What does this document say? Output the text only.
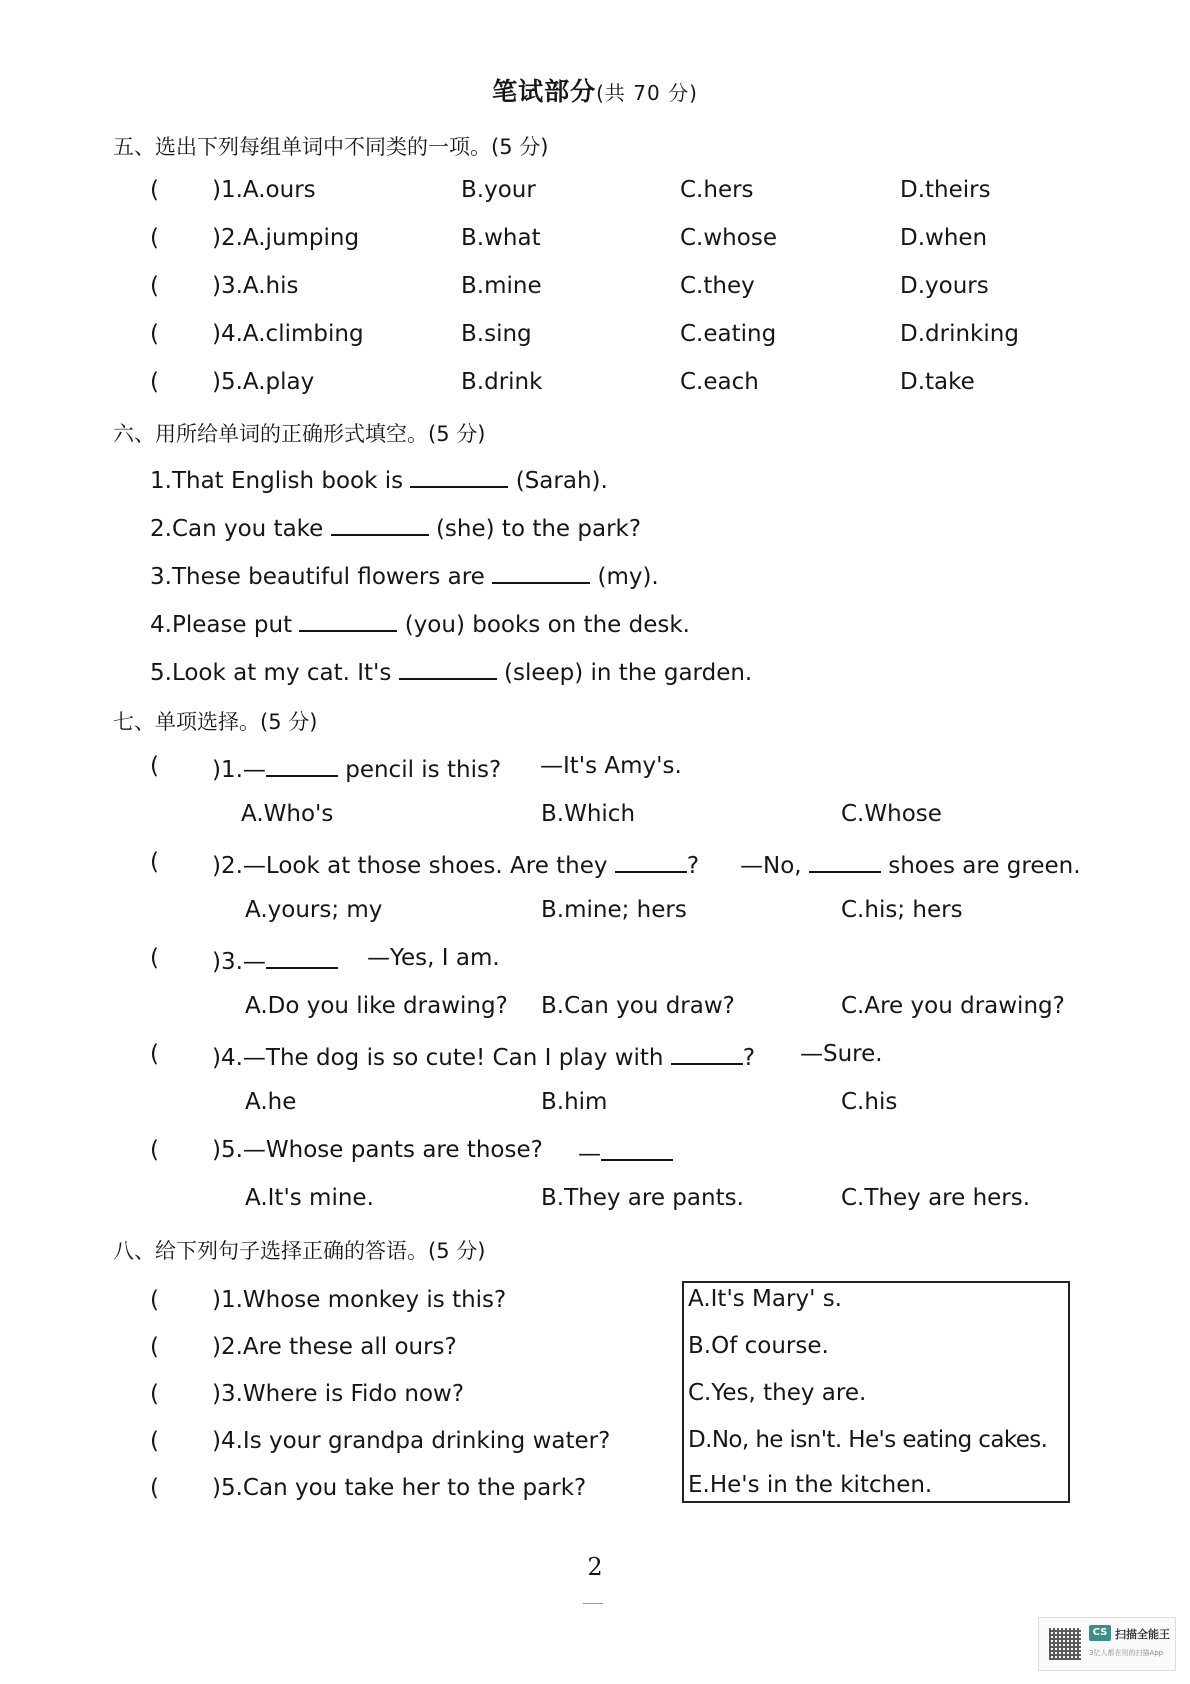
笔试部分(共 70 分)
五、选出下列每组单词中不同类的一项。(5 分)
( )1.A.ours	B.your	C.hers	D.theirs
( )2.A.jumping	B.what	C.whose	D.when
( )3.A.his	B.mine	C.they	D.yours
( )4.A.climbing	B.sing	C.eating	D.drinking
( )5.A.play	B.drink	C.each	D.take
六、用所给单词的正确形式填空。(5 分)
1.That English book is	(Sarah).
2.Can you take	(she) to the park?
3.These beautiful flowers are	(my).
4.Please put	(you) books on the desk.
5.Look at my cat. It's	(sleep) in the garden.
七、单项选择。(5 分)
( )1.—	pencil is this? —It's Amy's.
A.Who's	B.Which	C.Whose
( )2.—Look at those shoes. Are they	? —No,	shoes are green.
A.yours; my	B.mine; hers	C.his; hers
( )3.—	—Yes, I am.
A.Do you like drawing? B.Can you draw?	C.Are you drawing?
( )4.—The dog is so cute! Can I play with	? —Sure.
A.he	B.him	C.his
( )5.—Whose pants are those? —
A.It's mine.	B.They are pants.	C.They are hers.
八、给下列句子选择正确的答语。(5 分)
( )1.Whose monkey is this?
( )2.Are these all ours?
( )3.Where is Fido now?
( )4.Is your grandpa drinking water?
( )5.Can you take her to the park?
A.It's Mary' s.
B.Of course.
C.Yes, they are.
D.No, he isn't. He's eating cakes.
E.He's in the kitchen.
2
CS 扫描全能王
3亿人都在用的扫描App
